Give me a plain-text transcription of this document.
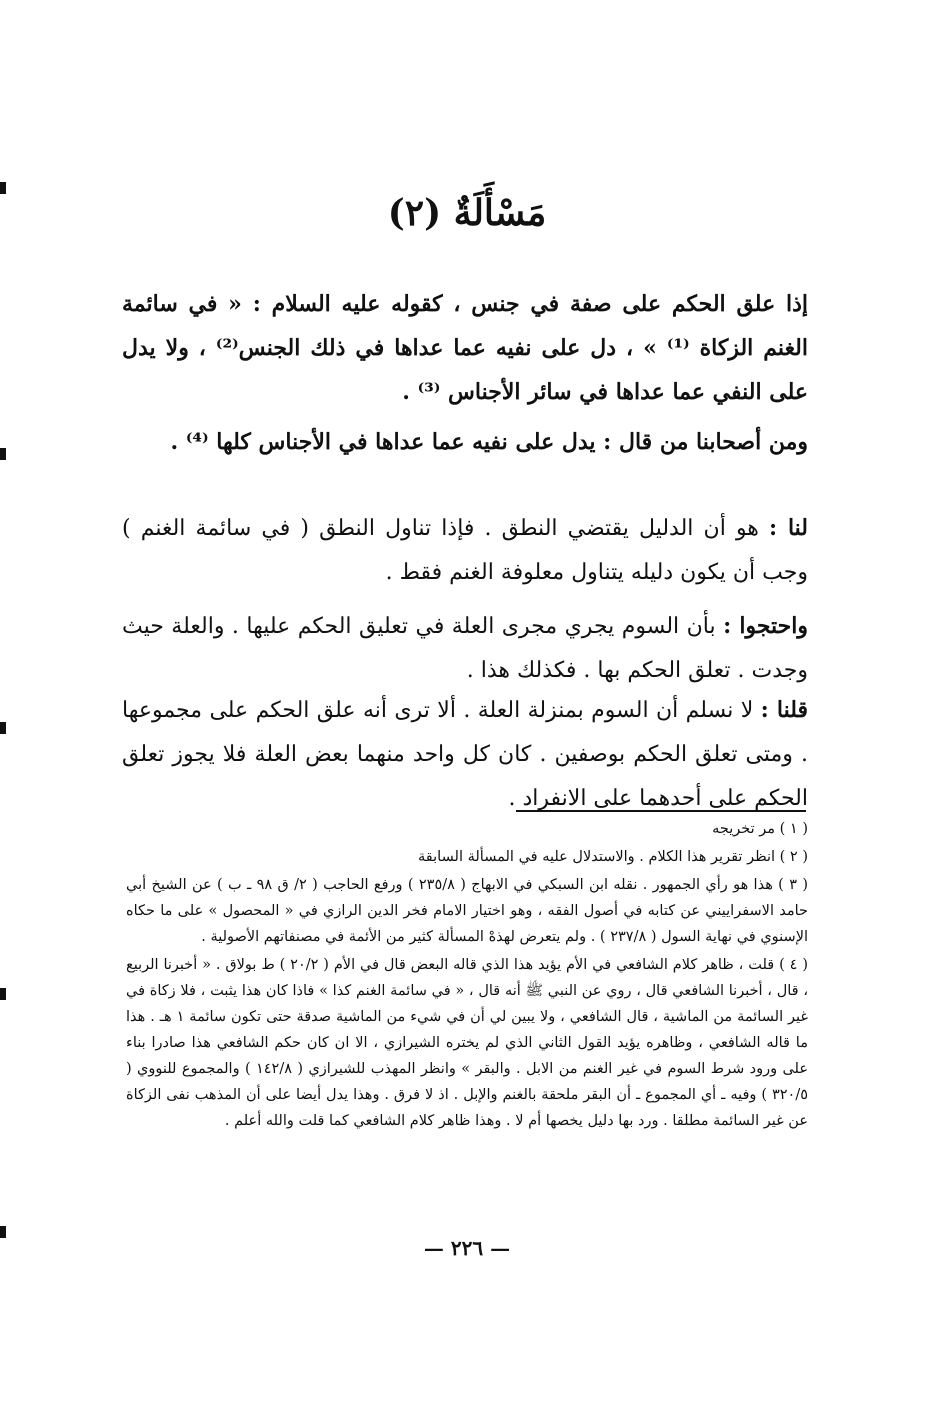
مَسْأَلَةٌ (٢)
إذا علق الحكم على صفة في جنس ، كقوله عليه السلام : « في سائمة الغنم الزكاة ⁽¹⁾ » ، دل على نفيه عما عداها في ذلك الجنس⁽²⁾ ، ولا يدل على النفي عما عداها في سائر الأجناس ⁽³⁾ .
ومن أصحابنا من قال : يدل على نفيه عما عداها في الأجناس كلها ⁽⁴⁾ .
لنا : هو أن الدليل يقتضي النطق . فإذا تناول النطق ( في سائمة الغنم ) وجب أن يكون دليله يتناول معلوفة الغنم فقط .
واحتجوا : بأن السوم يجري مجرى العلة في تعليق الحكم عليها . والعلة حيث وجدت . تعلق الحكم بها . فكذلك هذا .
قلنا : لا نسلم أن السوم بمنزلة العلة . ألا ترى أنه علق الحكم على مجموعها . ومتى تعلق الحكم بوصفين . كان كل واحد منهما بعض العلة فلا يجوز تعلق الحكم على أحدهما على الانفراد .

( ١ ) مر تخريجه

( ٢ ) انظر تقرير هذا الكلام . والاستدلال عليه في المسألة السابقة

( ٣ ) هذا هو رأي الجمهور . نقله ابن السبكي في الابهاج ( ٢٣٥/٨ ) ورفع الحاجب ( ٢/ ق ٩٨ ـ ب ) عن الشيخ أبي حامد الاسفراييني عن كتابه في أصول الفقه ، وهو اختيار الامام فخر الدين الرازي في « المحصول » على ما حكاه الإسنوي في نهاية السول ( ٢٣٧/٨ ) . ولم يتعرض لهذهْ المسألة كثير من الأئمة في مصنفاتهم الأصولية .

( ٤ ) قلت ، ظاهر كلام الشافعي في الأم يؤيد هذا الذي قاله البعض قال في الأم ( ٢٠/٢ ) ط بولاق . « أخبرنا الربيع ، قال ، أخبرنا الشافعي قال ، روي عن النبي ﷺ أنه قال ، « في سائمة الغنم كذا » فاذا كان هذا يثبت ، فلا زكاة في غير السائمة من الماشية ، قال الشافعي ، ولا يبين لي أن في شيء من الماشية صدقة حتى تكون سائمة ١ هـ . هذا ما قاله الشافعي ، وظاهره يؤيد القول الثاني الذي لم يختره الشيرازي ، الا ان كان حكم الشافعي هذا صادرا بناء على ورود شرط السوم في غير الغنم من الابل . والبقر » وانظر المهذب للشيرازي ( ١٤٢/٨ ) والمجموع للنووي ( ٣٢٠/٥ ) وفيه ـ أي المجموع ـ أن البقر ملحقة بالغنم والإبل . اذ لا فرق . وهذا يدل أيضا على أن المذهب نفى الزكاة عن غير السائمة مطلقا . ورد بها دليل يخصها أم لا . وهذا ظاهر كلام الشافعي كما قلت والله أعلم .

— ٢٢٦ —
